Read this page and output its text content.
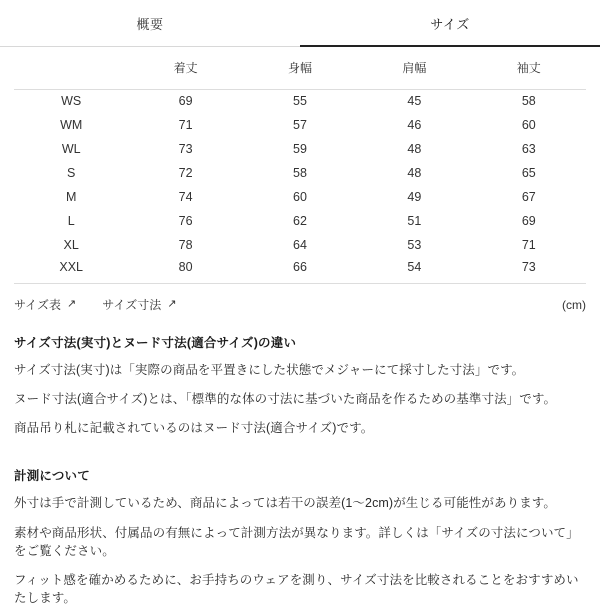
概要	サイズ
	着丈	身幅	肩幅	袖丈
WS	69	55	45	58
WM	71	57	46	60
WL	73	59	48	63
S	72	58	48	65
M	74	60	49	67
L	76	62	51	69
XL	78	64	53	71
XXL	80	66	54	73
サイズ表 ↗ サイズ寸法 ↗	(cm)
サイズ寸法(実寸)とヌード寸法(適合サイズ)の違い

サイズ寸法(実寸)は「実際の商品を平置きにした状態でメジャーにて採寸した寸法」です。

ヌード寸法(適合サイズ)とは、「標準的な体の寸法に基づいた商品を作るための基準寸法」です。

商品吊り札に記載されているのはヌード寸法(適合サイズ)です。

計測について

外寸は手で計測しているため、商品によっては若干の誤差(1〜2cm)が生じる可能性があります。

素材や商品形状、付属品の有無によって計測方法が異なります。詳しくは「サイズの寸法について」をご覧ください。

フィット感を確かめるために、お手持ちのウェアを測り、サイズ寸法を比較されることをおすすめいたします。
